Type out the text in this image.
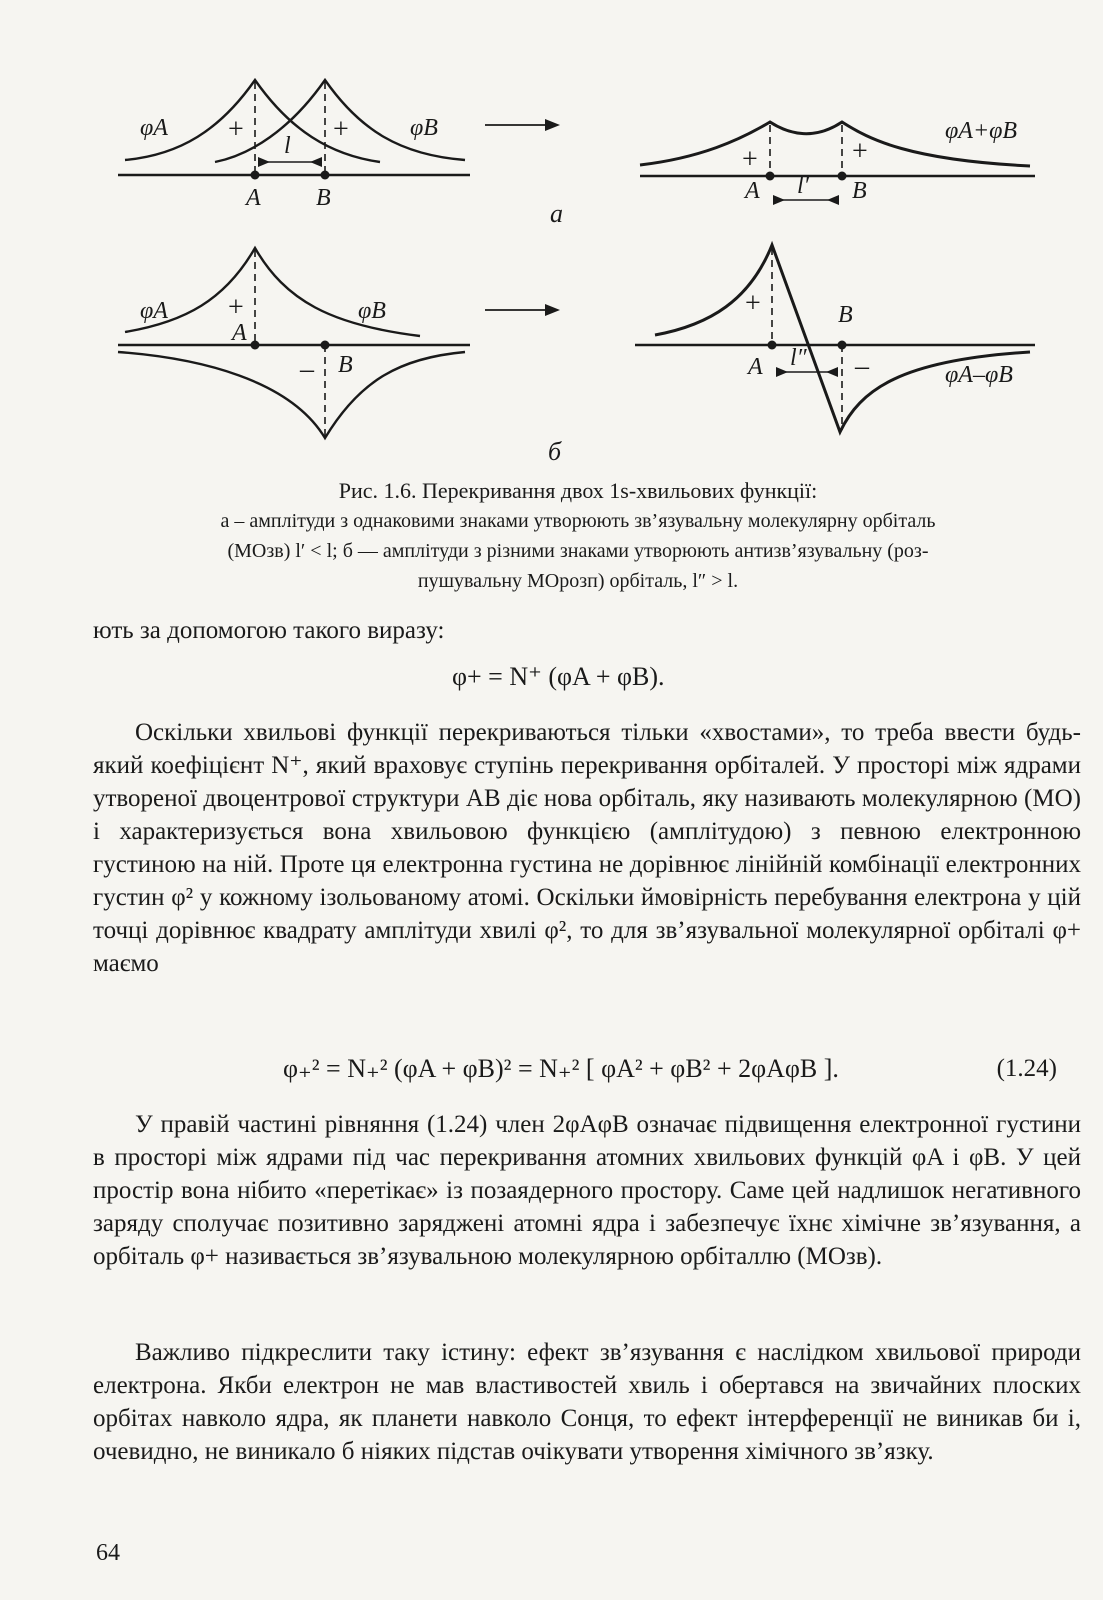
φA	φB
+	+
l
A B
а
φA+φB
+	+
A	B
l′
φA	φB
+
A
– B
б
+	B
A l″ –	φA–φB
Рис. 1.6. Перекривання двох 1s-хвильових функції:
а – амплітуди з однаковими знаками утворюють зв’язувальну молекулярну орбіталь
(МОзв) l′ < l; б — амплітуди з різними знаками утворюють антизв’язувальну (роз-
пушувальну МОрозп) орбіталь, l″ > l.
ють за допомогою такого виразу:
φ+ = N⁺ (φA + φB).

Оскільки хвильові функції перекриваються тільки «хвостами», то треба ввести будь-який коефіцієнт N⁺, який враховує ступінь перекривання орбіталей. У просторі між ядрами утвореної двоцентрової структури AB діє нова орбіталь, яку називають молекулярною (МО) і характеризується вона хвильовою функцією (амплітудою) з певною електронною густиною на ній. Проте ця електронна густина не дорівнює лінійній комбінації електронних густин φ² у кожному ізольованому атомі. Оскільки ймовірність перебування електрона у цій точці дорівнює квадрату амплітуди хвилі φ², то для зв’язувальної молекулярної орбіталі φ+ маємо

φ₊² = N₊² (φA + φB)² = N₊² [ φA² + φB² + 2φAφB ].	(1.24)

У правій частині рівняння (1.24) член 2φAφB означає підвищення електронної густини в просторі між ядрами під час перекривання атомних хвильових функцій φA і φB. У цей простір вона нібито «перетікає» із позаядерного простору. Саме цей надлишок негативного заряду сполучає позитивно заряджені атомні ядра і забезпечує їхнє хімічне зв’язування, а орбіталь φ+ називається зв’язувальною молекулярною орбіталлю (МОзв).

Важливо підкреслити таку істину: ефект зв’язування є наслідком хвильової природи електрона. Якби електрон не мав властивостей хвиль і обертався на звичайних плоских орбітах навколо ядра, як планети навколо Сонця, то ефект інтерференції не виникав би і, очевидно, не виникало б ніяких підстав очікувати утворення хімічного зв’язку.

64
